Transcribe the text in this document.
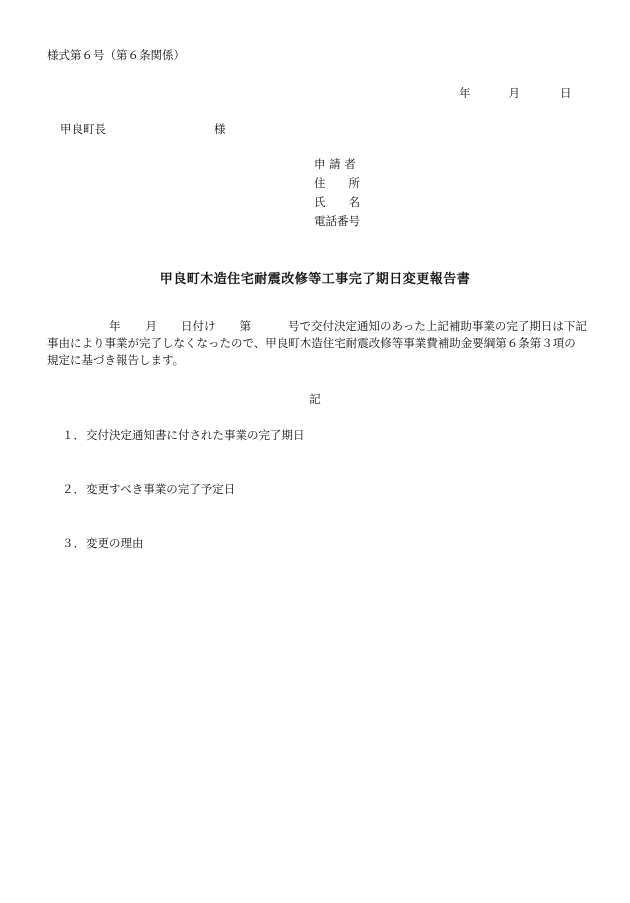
様式第６号（第６条関係）
年	月	日
甲良町長	様
申 請 者
住　　所
氏　　名
電話番号
甲良町木造住宅耐震改修等工事完了期日変更報告書
年 月 日付け 第	号で交付決定通知のあった上記補助事業の完了期日は下記事由により事業が完了しなくなったので、甲良町木造住宅耐震改修等事業費補助金要綱第６条第３項の規定に基づき報告します。
記
１．交付決定通知書に付された事業の完了期日
２．変更すべき事業の完了予定日
３．変更の理由
